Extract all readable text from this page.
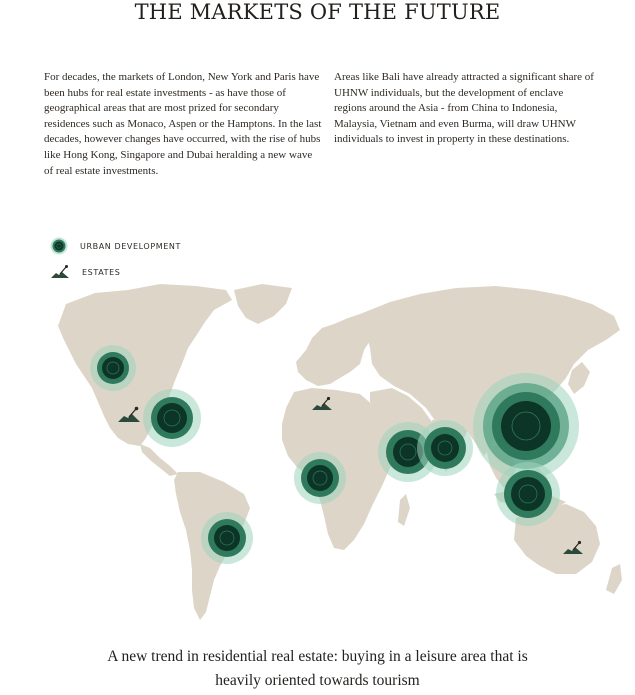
THE MARKETS OF THE FUTURE
For decades, the markets of London, New York and Paris have been hubs for real estate investments - as have those of geographical areas that are most prized for secondary residences such as Monaco, Aspen or the Hamptons. In the last decades, however changes have occurred, with the rise of hubs like Hong Kong, Singapore and Dubai heralding a new wave of real estate investments.
Areas like Bali have already attracted a significant share of UHNW individuals, but the development of enclave regions around the Asia - from China to Indonesia, Malaysia, Vietnam and even Burma, will draw UHNW individuals to invest in property in these destinations.
URBAN DEVELOPMENT
ESTATES
A new trend in residential real estate: buying in a leisure area that is
heavily oriented towards tourism
